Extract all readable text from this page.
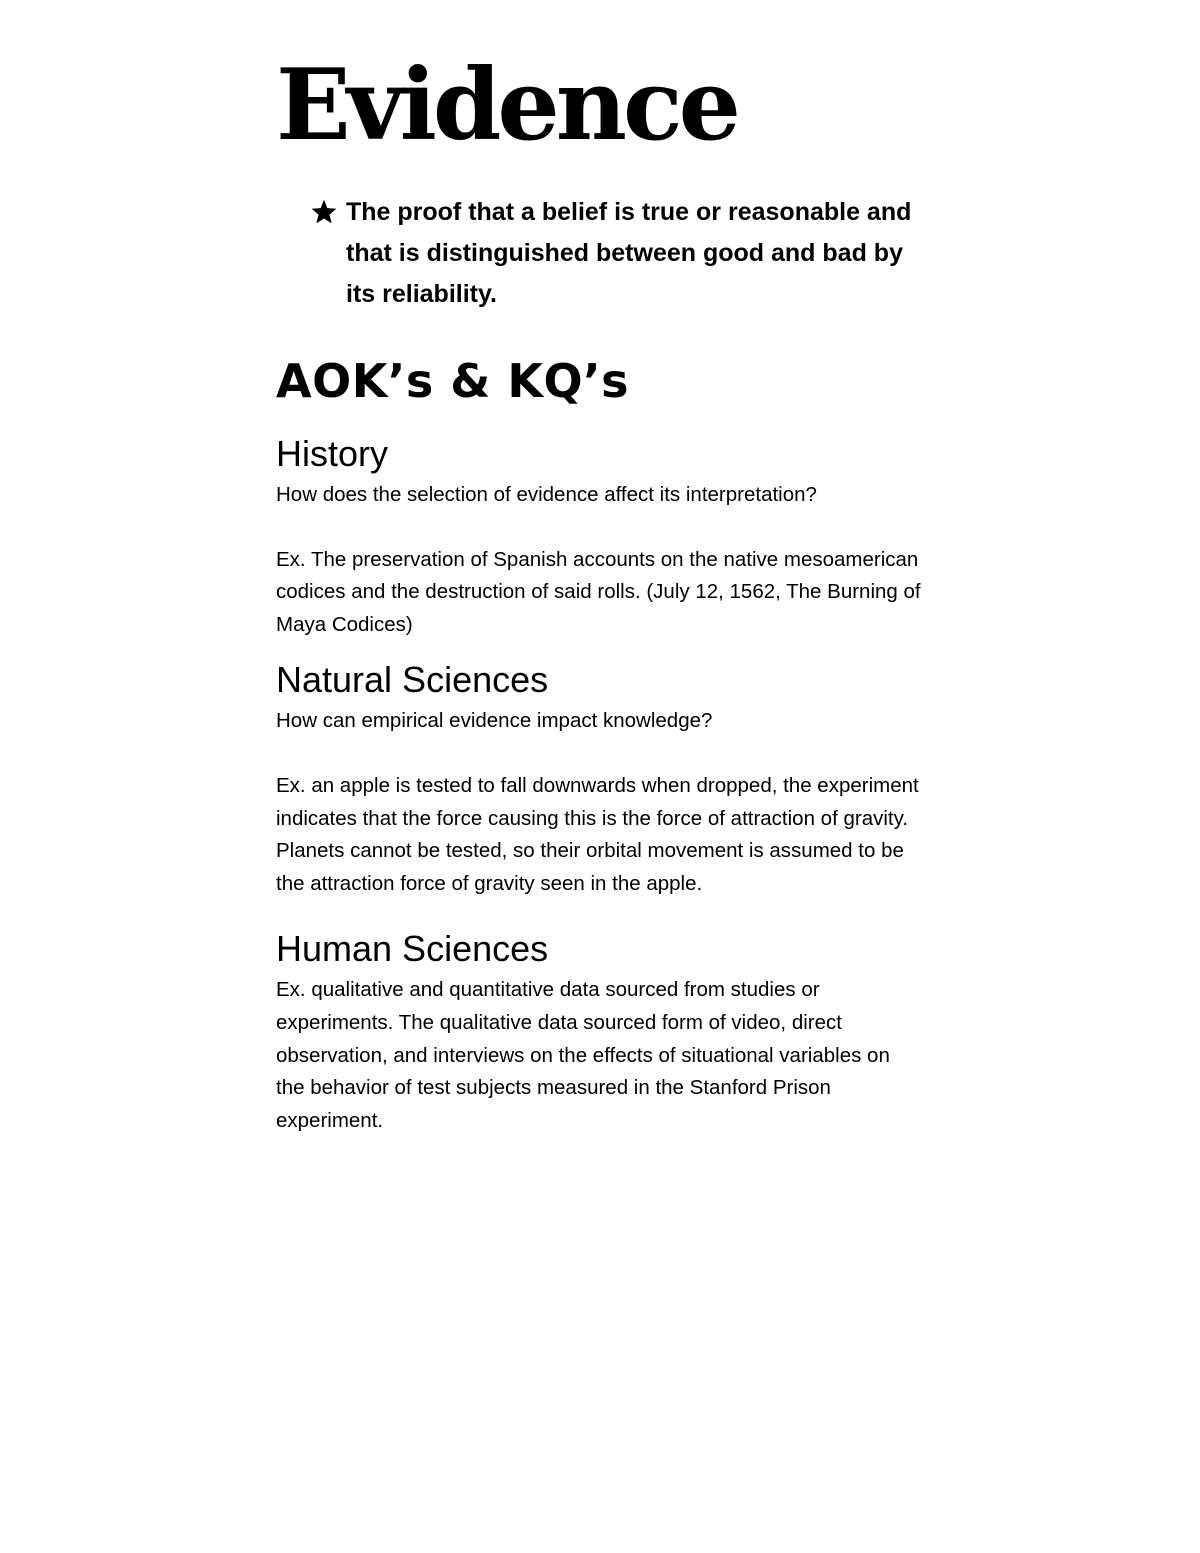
Evidence

The proof that a belief is true or reasonable and that is distinguished between good and bad by its reliability.

AOK’s & KQ’s
History

How does the selection of evidence affect its interpretation?

Ex. The preservation of Spanish accounts on the native mesoamerican codices and the destruction of said rolls. (July 12, 1562, The Burning of Maya Codices)

Natural Sciences

How can empirical evidence impact knowledge?

Ex. an apple is tested to fall downwards when dropped, the experiment indicates that the force causing this is the force of attraction of gravity. Planets cannot be tested, so their orbital movement is assumed to be the attraction force of gravity seen in the apple.

Human Sciences

Ex. qualitative and quantitative data sourced from studies or experiments. The qualitative data sourced form of video, direct observation, and interviews on the effects of situational variables on the behavior of test subjects measured in the Stanford Prison experiment.
